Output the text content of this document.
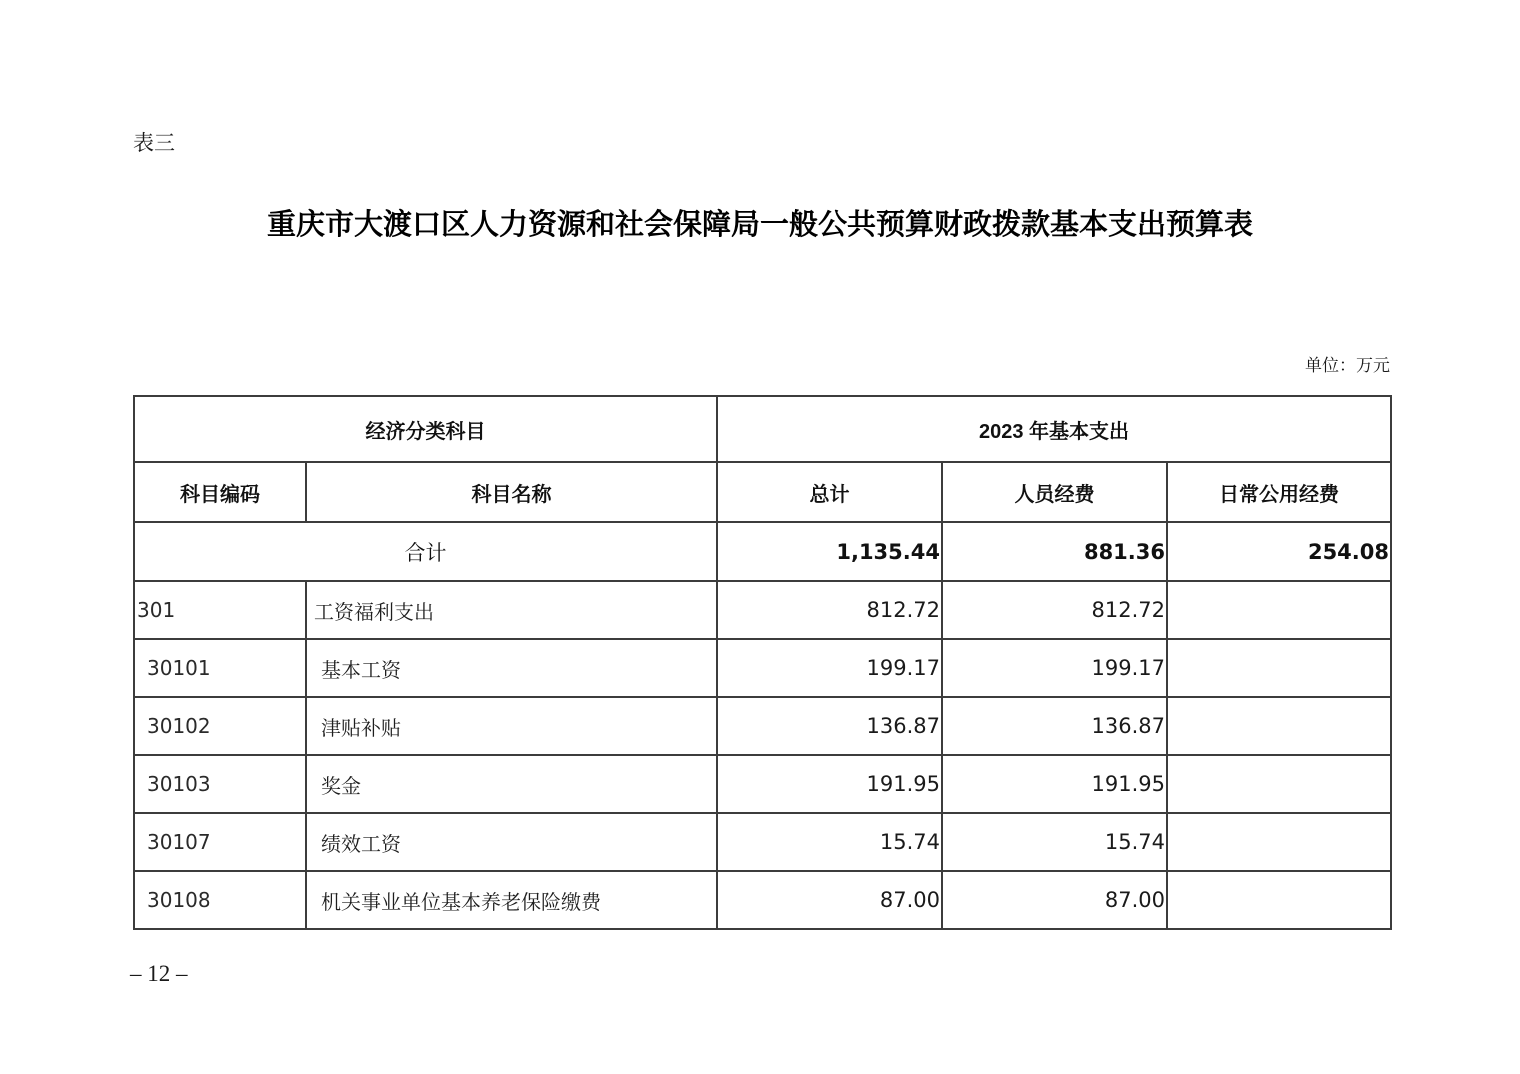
表三
重庆市大渡口区人力资源和社会保障局一般公共预算财政拨款基本支出预算表
单位：万元
经济分类科目		2023 年基本支出		
科目编码	科目名称	总计	人员经费	日常公用经费
合计		1,135.44	881.36	254.08
301	工资福利支出	812.72	812.72	
30101	基本工资	199.17	199.17	
30102	津贴补贴	136.87	136.87	
30103	奖金	191.95	191.95	
30107	绩效工资	15.74	15.74	
30108	机关事业单位基本养老保险缴费	87.00	87.00	
– 12 –
